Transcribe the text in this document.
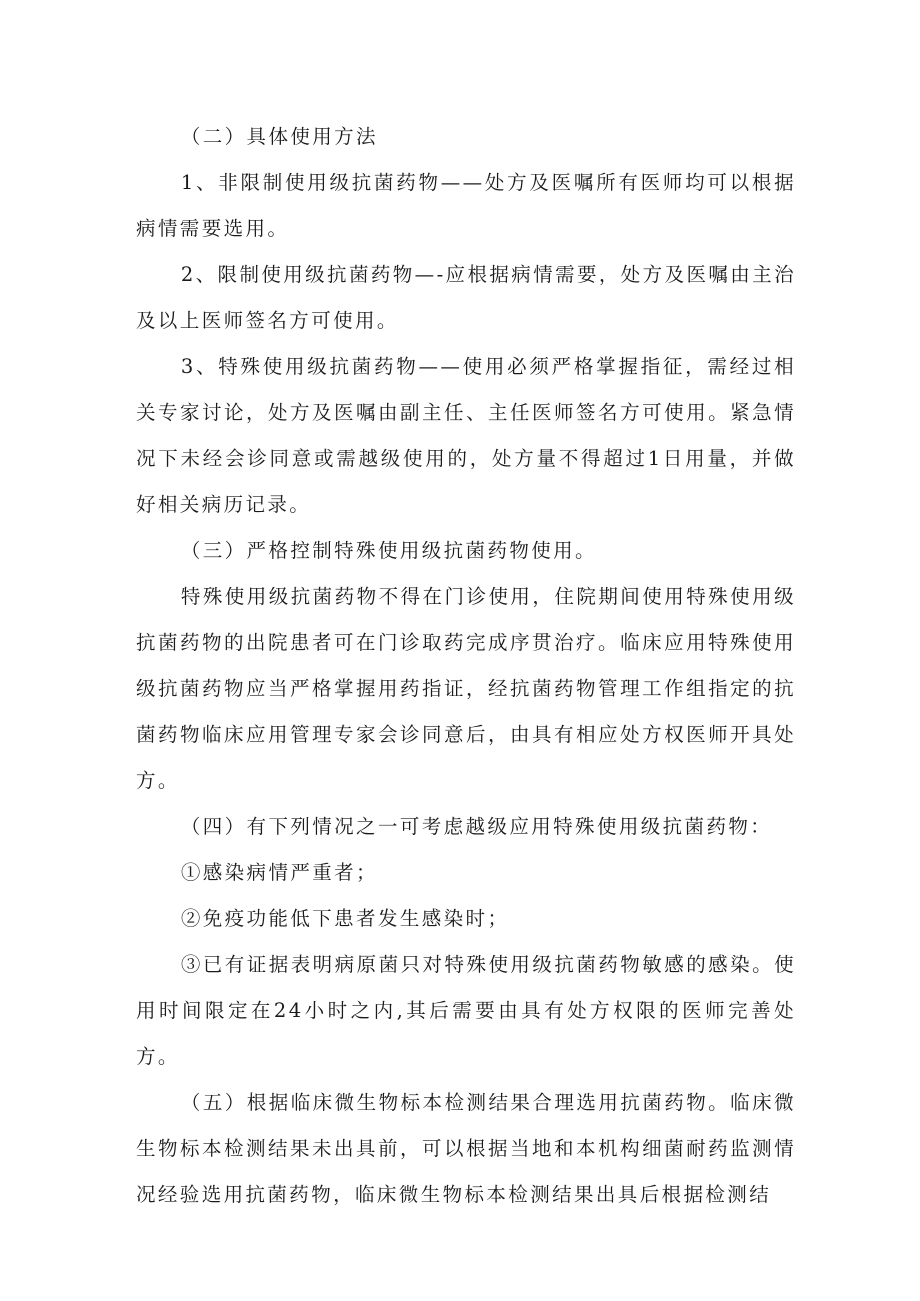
（二）具体使用方法

1、非限制使用级抗菌药物——处方及医嘱所有医师均可以根据病情需要选用。

2、限制使用级抗菌药物—-应根据病情需要，处方及医嘱由主治及以上医师签名方可使用。

3、特殊使用级抗菌药物——使用必须严格掌握指征，需经过相关专家讨论，处方及医嘱由副主任、主任医师签名方可使用。紧急情况下未经会诊同意或需越级使用的，处方量不得超过1日用量，并做好相关病历记录。

（三）严格控制特殊使用级抗菌药物使用。

特殊使用级抗菌药物不得在门诊使用，住院期间使用特殊使用级抗菌药物的出院患者可在门诊取药完成序贯治疗。临床应用特殊使用级抗菌药物应当严格掌握用药指证，经抗菌药物管理工作组指定的抗菌药物临床应用管理专家会诊同意后，由具有相应处方权医师开具处方。

（四）有下列情况之一可考虑越级应用特殊使用级抗菌药物：

①感染病情严重者；

②免疫功能低下患者发生感染时；

③已有证据表明病原菌只对特殊使用级抗菌药物敏感的感染。使用时间限定在24小时之内,其后需要由具有处方权限的医师完善处方。

（五）根据临床微生物标本检测结果合理选用抗菌药物。临床微生物标本检测结果未出具前，可以根据当地和本机构细菌耐药监测情况经验选用抗菌药物，临床微生物标本检测结果出具后根据检测结
